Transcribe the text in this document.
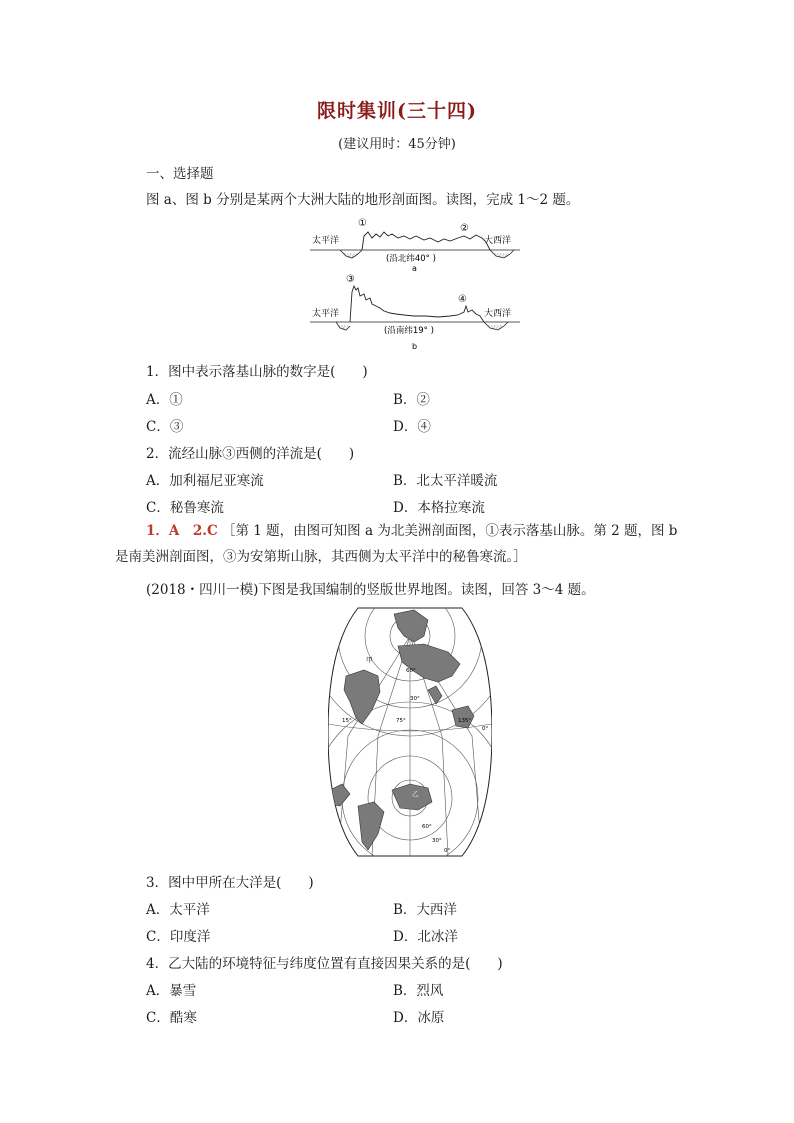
限时集训(三十四)
(建议用时：45分钟)
一、选择题
图 a、图 b 分别是某两个大洲大陆的地形剖面图。读图，完成 1～2 题。
太平洋	大西洋
①	②
(沿北纬40° )
a
③
④
太平洋	大西洋
(沿南纬19° )
b
1．图中表示落基山脉的数字是(　　)
A．①	B．②
C．③	D．④
2．流经山脉③西侧的洋流是(　　)
A．加利福尼亚寒流	B．北太平洋暖流
C．秘鲁寒流	D．本格拉寒流
1．A　2.C ［第 1 题，由图可知图 a 为北美洲剖面图，①表示落基山脉。第 2 题，图 b
是南美洲剖面图，③为安第斯山脉，其西侧为太平洋中的秘鲁寒流。］
(2018・四川一模)下图是我国编制的竖版世界地图。读图，回答 3～4 题。
甲
乙
60°
30°
15°	75°	135°
0°
60°
30°
0°
3．图中甲所在大洋是(　　)
A．太平洋	B．大西洋
C．印度洋	D．北冰洋
4．乙大陆的环境特征与纬度位置有直接因果关系的是(　　)
A．暴雪	B．烈风
C．酷寒	D．冰原
